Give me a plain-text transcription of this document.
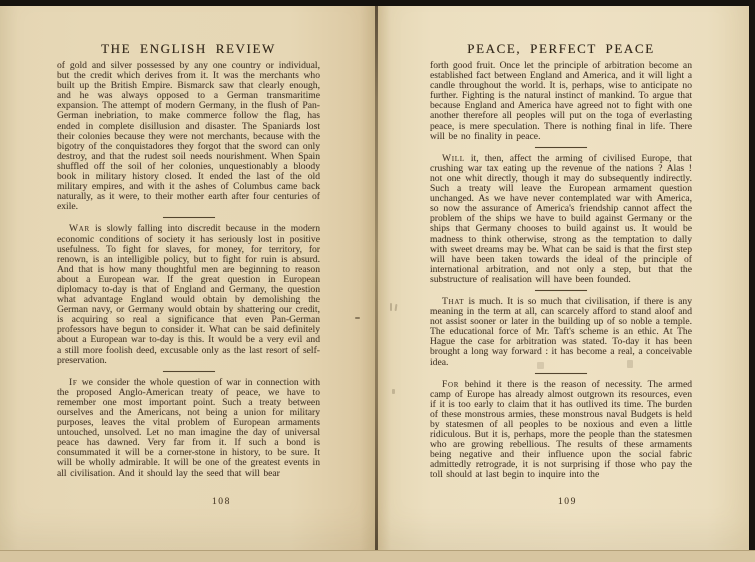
THE ENGLISH REVIEW

of gold and silver possessed by any one country or individual, but the credit which derives from it. It was the merchants who built up the British Empire. Bismarck saw that clearly enough, and he was always opposed to a German transmaritime expansion. The attempt of modern Germany, in the flush of Pan-German inebriation, to make commerce follow the flag, has ended in complete disillusion and disaster. The Spaniards lost their colonies because they were not merchants, because with the bigotry of the conquistadores they forgot that the sword can only destroy, and that the rudest soil needs nourishment. When Spain shuffled off the soil of her colonies, unquestionably a bloody book in military history closed. It ended the last of the old military empires, and with it the ashes of Columbus came back naturally, as it were, to their mother earth after four centuries of exile.

War is slowly falling into discredit because in the modern economic conditions of society it has seriously lost in positive usefulness. To fight for slaves, for money, for territory, for renown, is an intelligible policy, but to fight for ruin is absurd. And that is how many thoughtful men are beginning to reason about a European war. If the great question in European diplomacy to-day is that of England and Germany, the question what advantage England would obtain by demolishing the German navy, or Germany would obtain by shattering our credit, is acquiring so real a significance that even Pan-German professors have begun to consider it. What can be said definitely about a European war to-day is this. It would be a very evil and a still more foolish deed, excusable only as the last resort of self-preservation.

If we consider the whole question of war in connection with the proposed Anglo-American treaty of peace, we have to remember one most important point. Such a treaty between ourselves and the Americans, not being a union for military purposes, leaves the vital problem of European armaments untouched, unsolved. Let no man imagine the day of universal peace has dawned. Very far from it. If such a bond is consummated it will be a corner-stone in history, to be sure. It will be wholly admirable. It will be one of the greatest events in all civilisation. And it should lay the seed that will bear

108
PEACE, PERFECT PEACE

forth good fruit. Once let the principle of arbitration become an established fact between England and America, and it will light a candle throughout the world. It is, perhaps, wise to anticipate no further. Fighting is the natural instinct of mankind. To argue that because England and America have agreed not to fight with one another therefore all peoples will put on the toga of everlasting peace, is mere speculation. There is nothing final in life. There will be no finality in peace.

Will it, then, affect the arming of civilised Europe, that crushing war tax eating up the revenue of the nations ? Alas ! not one whit directly, though it may do subsequently indirectly. Such a treaty will leave the European armament question unchanged. As we have never contemplated war with America, so now the assurance of America's friendship cannot affect the problem of the ships we have to build against Germany or the ships that Germany chooses to build against us. It would be madness to think otherwise, strong as the temptation to dally with sweet dreams may be. What can be said is that the first step will have been taken towards the ideal of the principle of international arbitration, and not only a step, but that the substructure of realisation will have been founded.

That is much. It is so much that civilisation, if there is any meaning in the term at all, can scarcely afford to stand aloof and not assist sooner or later in the building up of so noble a temple. The educational force of Mr. Taft's scheme is an ethic. At The Hague the case for arbitration was stated. To-day it has been brought a long way forward : it has become a real, a conceivable idea.

For behind it there is the reason of necessity. The armed camp of Europe has already almost outgrown its resources, even if it is too early to claim that it has outlived its time. The burden of these monstrous armies, these monstrous naval Budgets is held by statesmen of all peoples to be noxious and even a little ridiculous. But it is, perhaps, more the people than the statesmen who are growing rebellious. The results of these armaments being negative and their influence upon the social fabric admittedly retrograde, it is not surprising if those who pay the toll should at last begin to inquire into the

109
